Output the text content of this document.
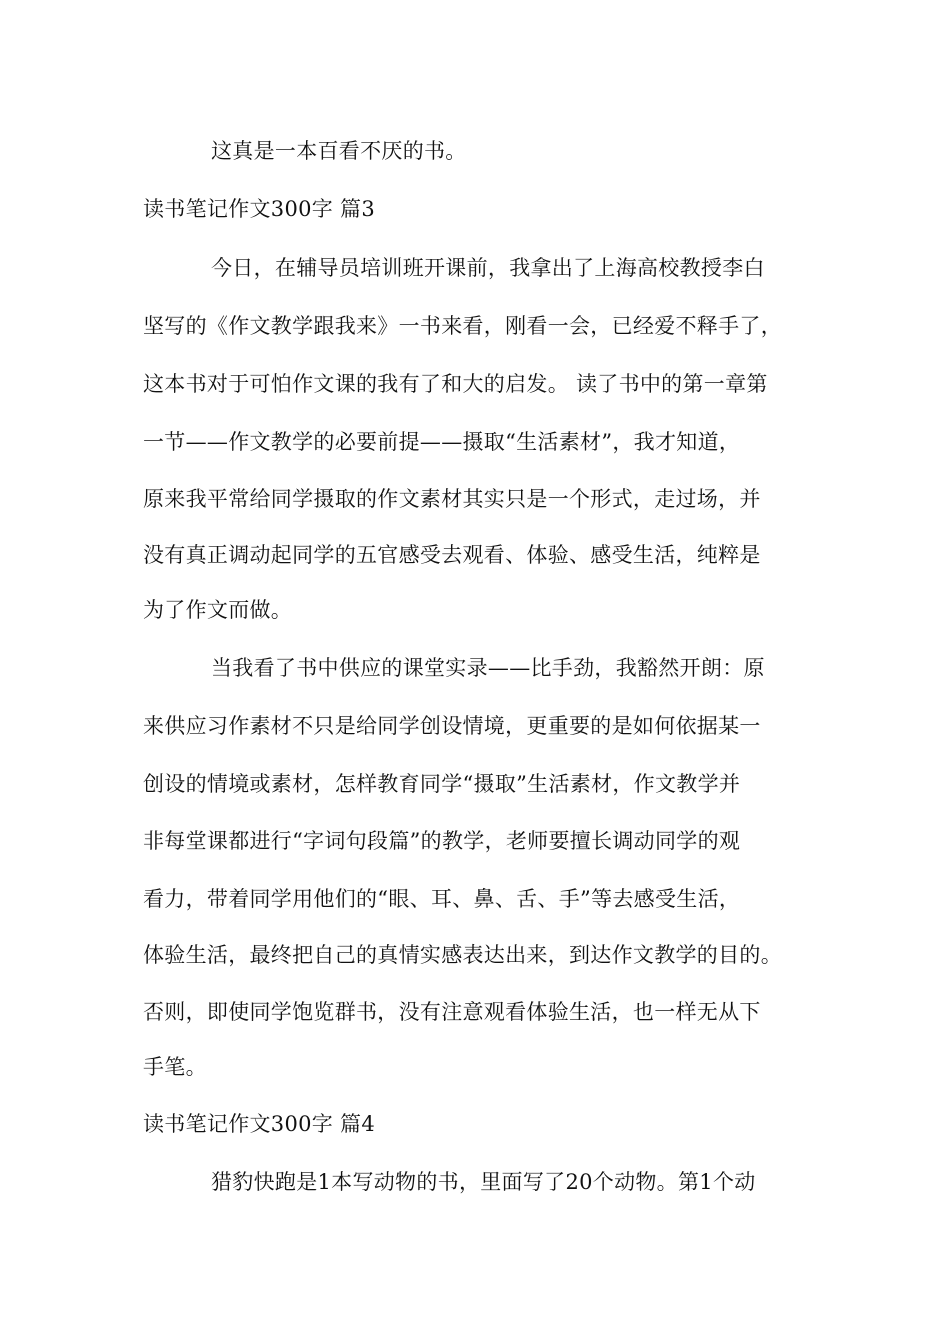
这真是一本百看不厌的书。
读书笔记作文300字 篇3
今日，在辅导员培训班开课前，我拿出了上海高校教授李白
坚写的《作文教学跟我来》一书来看，刚看一会，已经爱不释手了，
这本书对于可怕作文课的我有了和大的启发。 读了书中的第一章第
一节——作文教学的必要前提——摄取“生活素材”，我才知道，
原来我平常给同学摄取的作文素材其实只是一个形式，走过场，并
没有真正调动起同学的五官感受去观看、体验、感受生活，纯粹是
为了作文而做。
当我看了书中供应的课堂实录——比手劲，我豁然开朗：原
来供应习作素材不只是给同学创设情境，更重要的是如何依据某一
创设的情境或素材，怎样教育同学“摄取”生活素材，作文教学并
非每堂课都进行“字词句段篇”的教学，老师要擅长调动同学的观
看力，带着同学用他们的“眼、耳、鼻、舌、手”等去感受生活，
体验生活，最终把自己的真情实感表达出来，到达作文教学的目的。
否则，即使同学饱览群书，没有注意观看体验生活，也一样无从下
手笔。
读书笔记作文300字 篇4
猎豹快跑是1本写动物的书，里面写了20个动物。第1个动
